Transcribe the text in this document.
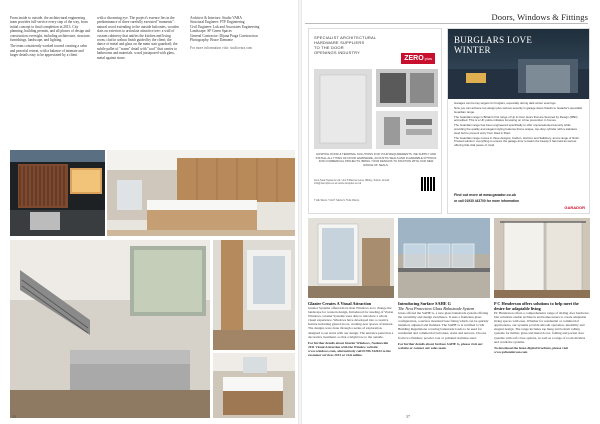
From inside to outside, the architectural engineering team provides full-service every step of the way, from initial concept to final completion in 2013. City planning, building permits, and all phases of design and construction oversight, including architecture, structure, furnishings, landscape, and lighting.

The team consistently worked toward creating a calm and peaceful retreat, with a balance of intimate and larger details easy to be appreciated by a client

with a discerning eye. The project's essence lies in the predominance of three carefully executed "moments": natural wood extending to the outside balconies, wooden slats on exteriors to articulate attractive tree: a wall of custom cabinetry that unifies the kitchen and living room, clad in walnut finish guided by the client; the dance of metal and glass on the main stair guardrail; the subtle pallet of "warm" detail with "cool" that carries to bathrooms and materials. wood juxtaposed with glass, metal against stone.

Architect & Interiors: Studio VARA
Structural Engineer: FTF Engineering
Civil Engineer: Luk and Associates Engineering
Landscape: SF Green Spaces
General Contractor: Dijana Praga Construction
Photography: Bruce Damonte
For more information visit: studiovara.com
36
Doors, Windows & Fittings
SPECIALIST ARCHITECTURAL
HARDWARE SUPPLIERS
TO THE DOOR
OPENINGS INDUSTRY
ZEROplus
HOSPITAL DOOR & TERMINAL SOLUTIONS FOR YOUR REQUIREMENTS. WE SUPPLY AND INSTALL ALL TYPES OF DOOR HARDWARE, ACOUSTIC SEALS AND FLAMMABLE FITTINGS FOR COMMERCIAL PROJECTS, BRING YOUR DESIGNS TO FRUITION WITH OUR NEW RANGE OF SEALS.
Zero Seal Systems Ltd. Unit 6 Barrow Lane, Bilsby, Sutton, Email: info@zeroplus.co.uk www.zeroplus.co.uk
THE SEAL THAT SEALS THE DEAL
BURGLARS LOVE
WINTER

Garages can be key targets for burglars, especially during dark winter evenings.

Now you can achieve top design plus serious security in garage doors thanks to Garador's specialist Guardian range.

The Guardian range is Britain's first range of Up & Over doors that are Secured by Design (SBD) accredited. This is a UK police initiative focussing on crime prevention in homes.

The Guardian range has been engineered specifically to offer unprecedented security while providing the quality and elegant styling features that a unique, top-drop cylinder with a stainless steel bolt to prevent entry from tilted in lifted.

The Guardian range comes in three designs; Carlton, Horizon and Salisbury, and a range of finish. Trusted solution: everything to ensure the garage door remains the beauty it has held as well as offering that vital peace of mind.

Find out more at www.garador.co.uk
or call 01935 443700 for more information
GARADOR
Glazier Creates A Visual Attraction

Glazier Systems offered more than Windows as to change the landscape for western design. Introduced for steeling of Vision Windows, Glazier Systems were able to introduce a whole visual experience. Windows have developed into a creative feature including glazed doors, creating new spaces of interest. The designs were done through a series of exploration, designed to set stairs with our design. The entrance panel has a decorative treatment, so that a bright tree to the outside.

For further details about Glazier Windows, Nationwide 2011 Visual Attraction with the Window website: www.windows.com, alternatively call 01786 342634 to the customer services 2013 or visit online.

Introducing Surface SAHE G
The Next Protection Glass Balustrade System

Glass offered the SAHE G, a new glass balustrade system offering the versatility and design excellence. It uses a frameless glass configuration, a surface mounted base fixing which can be quickly installed, adjusted and finished. The SAHE G is certified to UK Building Regulations covering balustrade loads to be used for residential and commercial balconies, stairs and terraces. Choose from two finishes: powder coat or polished stainless steel.

For further details about Surface SAHE G, please visit our website or contact our sales team.

P C Henderson offers solutions to help meet the desire for adaptable living

PC Henderson offers a comprehensive range of sliding door hardware. Our solutions enable architects and homeowners to create adaptable living spaces with ease. Whether for residential or commercial applications, our systems provide smooth operation, durability and elegant design. The range includes top hung and bottom rolling systems for timber, glass and metal doors, folding and pocket door systems with soft close options, as well as a range of room dividers and wardrobe systems.

To download the latest digital brochure, please visit www.pchenderson.com

37
